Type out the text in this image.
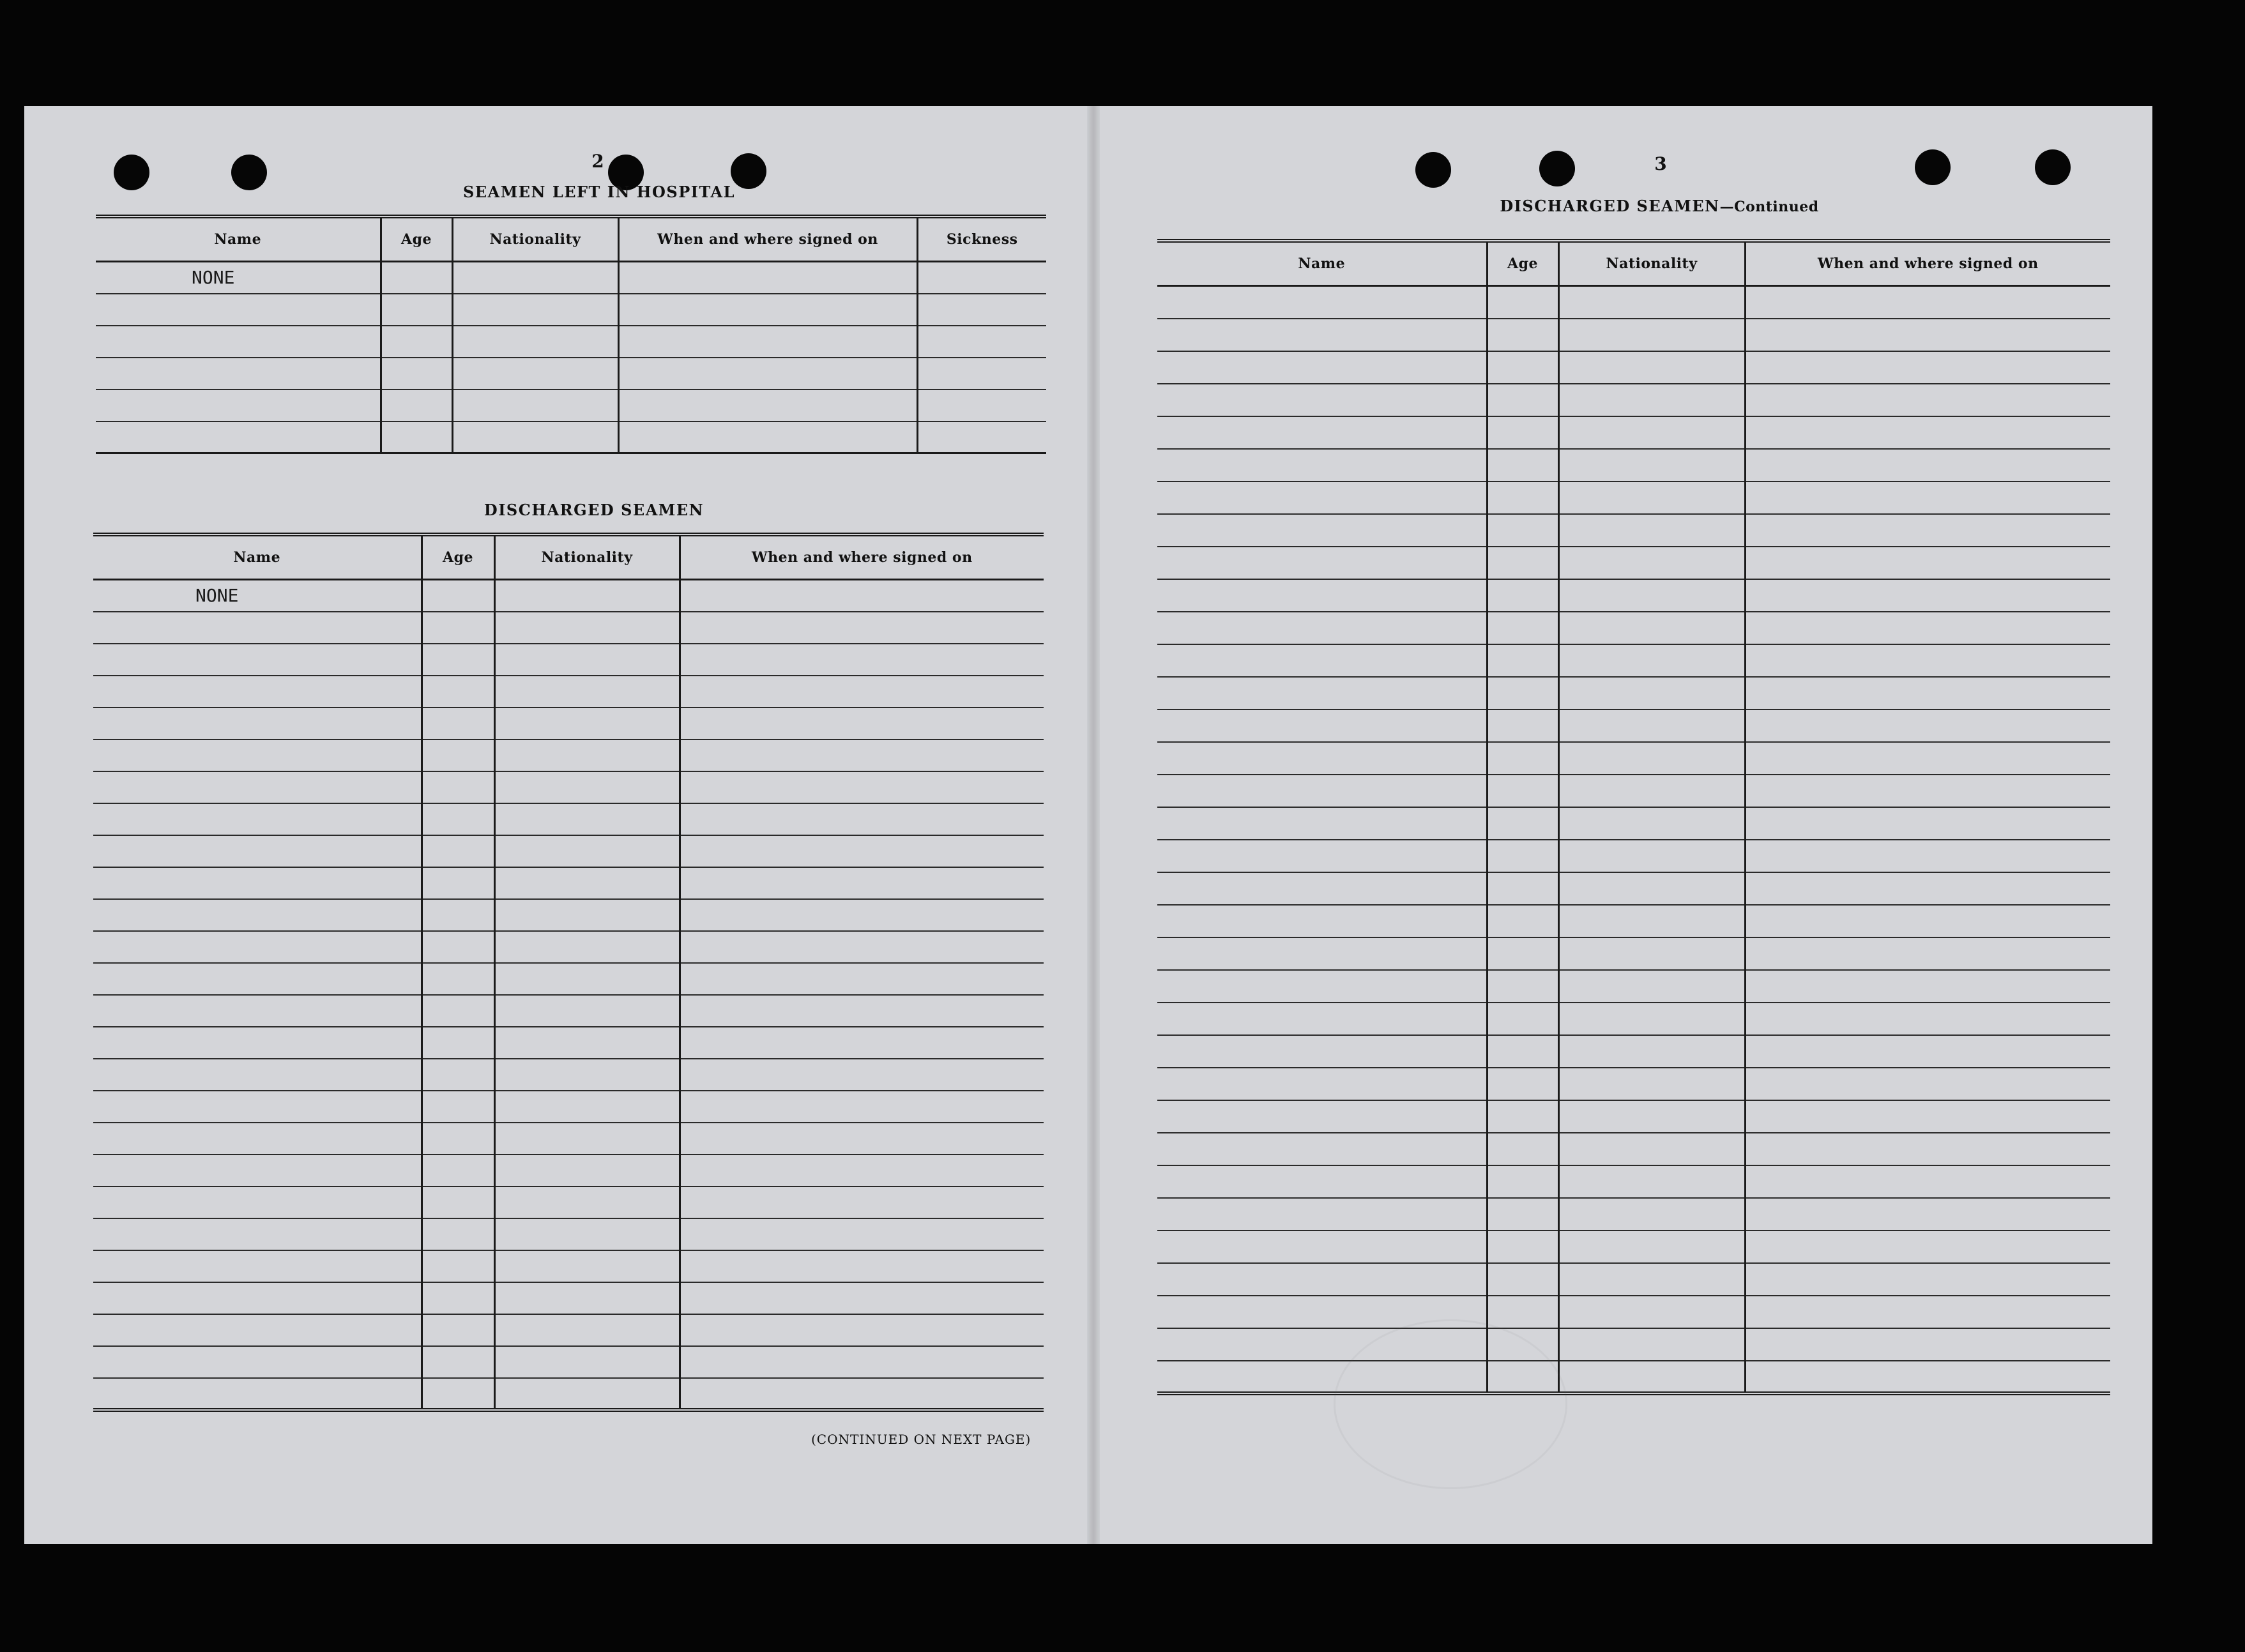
2
SEAMEN LEFT IN HOSPITAL
Name	Age	Nationality	When and where signed on	Sickness
NONE				

DISCHARGED SEAMEN
Name	Age	Nationality	When and where signed on
NONE			

(CONTINUED ON NEXT PAGE)
3
DISCHARGED SEAMEN—Continued
Name	Age	Nationality	When and where signed on
